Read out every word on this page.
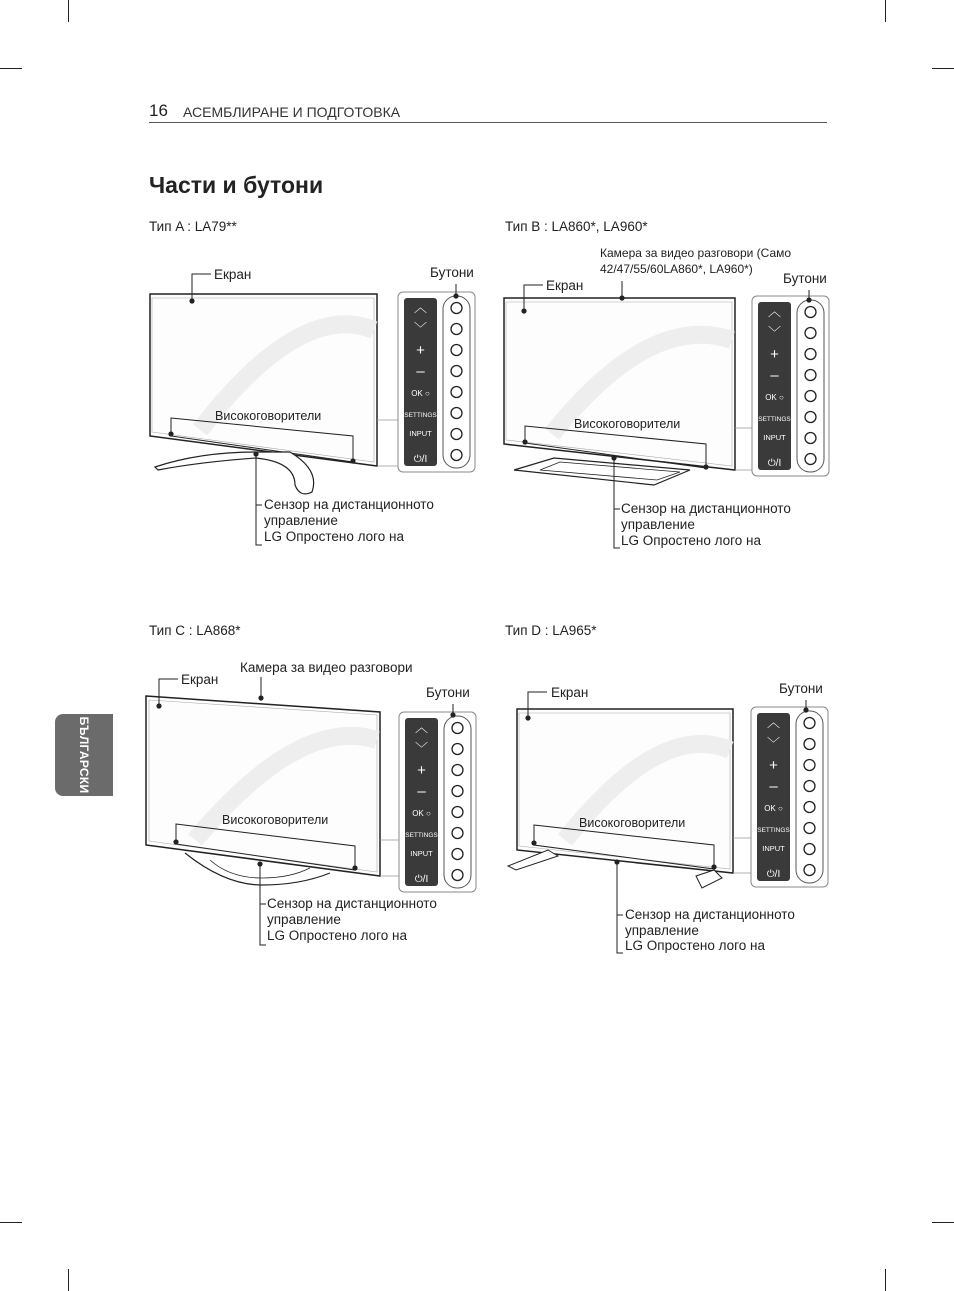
16 АСЕМБЛИРАНЕ И ПОДГОТОВКА
Части и бутони
БЪЛГАРСКИ
︿
﹀
+
–
OK ○
SETTINGS
INPUT
⏻/I
Тип A : LA79**	Тип B : LA860*, LA960*
Тип C : LA868*	Тип D : LA965*
Екран	Бутони
Високоговорители
Сензор на дистанционното
управление
LG Опростено лого на
Камера за видео разговори (Само
42/47/55/60LA860*, LA960*)
Екран	Бутони
Високоговорители
Сензор на дистанционното
управление
LG Опростено лого на
Камера за видео разговори
Екран
Бутони
Високоговорители
Сензор на дистанционното
управление
LG Опростено лого на
Екран	Бутони
Високоговорители
Сензор на дистанционното
управление
LG Опростено лого на
